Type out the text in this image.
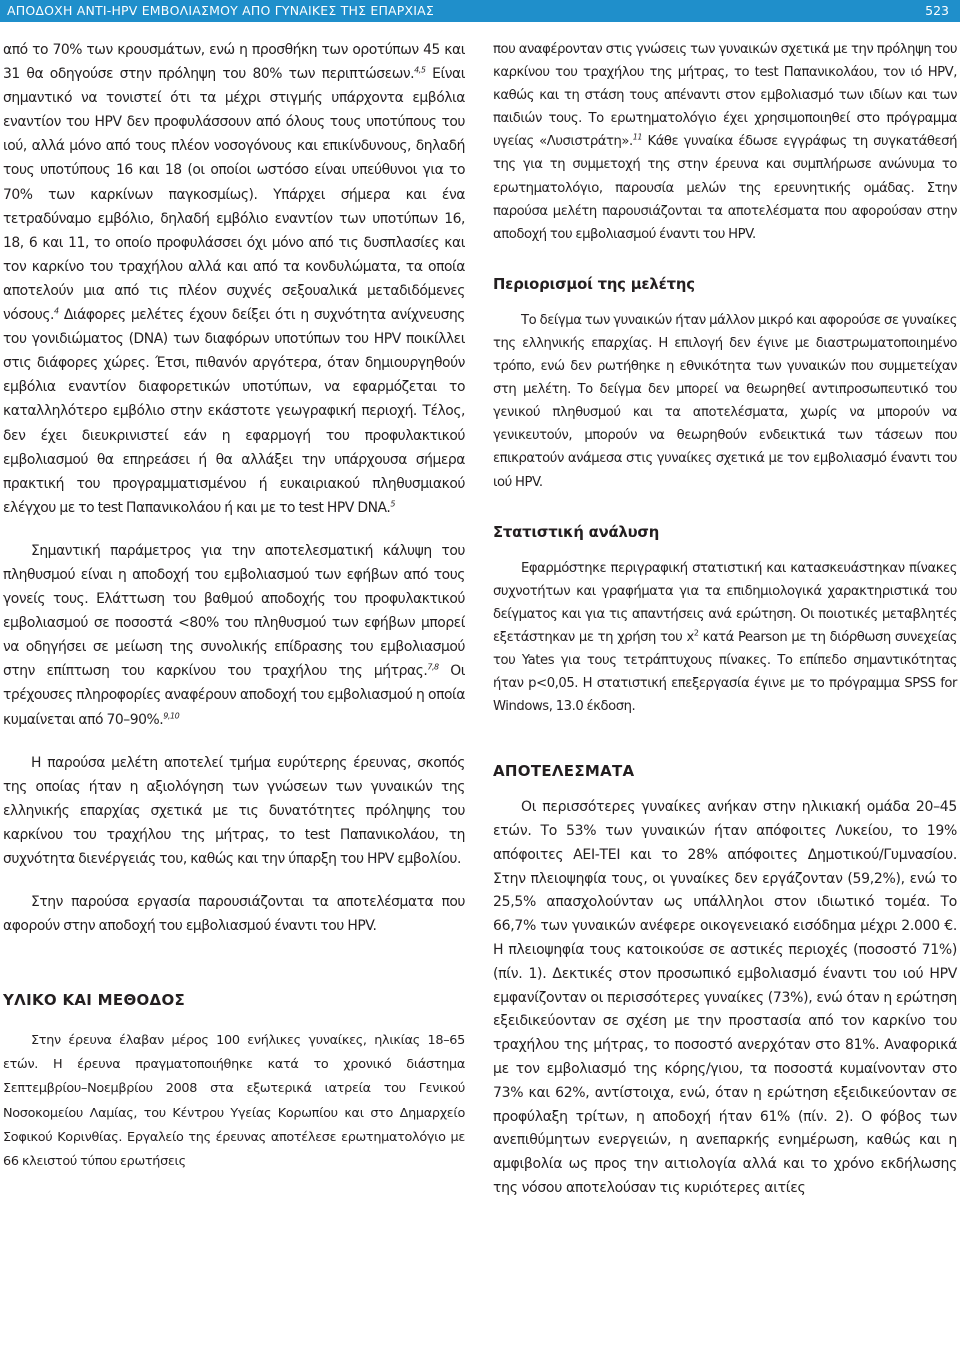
ΑΠΟΔΟΧΗ ΑΝΤΙ-HPV ΕΜΒΟΛΙΑΣΜΟΥ ΑΠΟ ΓΥΝΑΙΚΕΣ ΤΗΣ ΕΠΑΡΧΙΑΣ	523

από το 70% των κρουσμάτων, ενώ η προσθήκη των οροτύπων 45 και 31 θα οδηγούσε στην πρόληψη του 80% των περιπτώσεων.$^{4,5}$ Είναι σημαντικό να τονιστεί ότι τα μέχρι στιγμής υπάρχοντα εμβόλια εναντίον του HPV δεν προφυλάσσουν από όλους τους υποτύπους του ιού, αλλά μόνο από τους πλέον νοσογόνους και επικίνδυνους, δηλαδή τους υποτύπους 16 και 18 (οι οποίοι ωστόσο είναι υπεύθυνοι για το 70% των καρκίνων παγκοσμίως). Υπάρχει σήμερα και ένα τετραδύναμο εμβόλιο, δηλαδή εμβόλιο εναντίον των υποτύπων 16, 18, 6 και 11, το οποίο προφυλάσσει όχι μόνο από τις δυσπλασίες και τον καρκίνο του τραχήλου αλλά και από τα κονδυλώματα, τα οποία αποτελούν μια από τις πλέον συχνές σεξουαλικά μεταδιδόμενες νόσους.$^4$ Διάφορες μελέτες έχουν δείξει ότι η συχνότητα ανίχνευσης του γονιδιώματος (DNA) των διαφόρων υποτύπων του HPV ποικίλλει στις διάφορες χώρες. Έτσι, πιθανόν αργότερα, όταν δημιουργηθούν εμβόλια εναντίον διαφορετικών υποτύπων, να εφαρμόζεται το καταλληλότερο εμβόλιο στην εκάστοτε γεωγραφική περιοχή. Τέλος, δεν έχει διευκρινιστεί εάν η εφαρμογή του προφυλακτικού εμβολιασμού θα επηρεάσει ή θα αλλάξει την υπάρχουσα σήμερα πρακτική του προγραμματισμένου ή ευκαιριακού πληθυσμιακού ελέγχου με το test Παπανικολάου ή και με το test HPV DNA.$^5$

Σημαντική παράμετρος για την αποτελεσματική κάλυψη του πληθυσμού είναι η αποδοχή του εμβολιασμού των εφήβων από τους γονείς τους. Ελάττωση του βαθμού αποδοχής του προφυλακτικού εμβολιασμού σε ποσοστά <80% του πληθυσμού των εφήβων μπορεί να οδηγήσει σε μείωση της συνολικής επίδρασης του εμβολιασμού στην επίπτωση του καρκίνου του τραχήλου της μήτρας.$^{7,8}$ Οι τρέχουσες πληροφορίες αναφέρουν αποδοχή του εμβολιασμού η οποία κυμαίνεται από 70–90%.$^{9,10}$

Η παρούσα μελέτη αποτελεί τμήμα ευρύτερης έρευνας, σκοπός της οποίας ήταν η αξιολόγηση των γνώσεων των γυναικών της ελληνικής επαρχίας σχετικά με τις δυνατότητες πρόληψης του καρκίνου του τραχήλου της μήτρας, το test Παπανικολάου, τη συχνότητα διενέργειάς του, καθώς και την ύπαρξη του HPV εμβολίου.

Στην παρούσα εργασία παρουσιάζονται τα αποτελέσματα που αφορούν στην αποδοχή του εμβολιασμού έναντι του HPV.

ΥΛΙΚΟ ΚΑΙ ΜΕΘΟΔΟΣ

Στην έρευνα έλαβαν μέρος 100 ενήλικες γυναίκες, ηλικίας 18–65 ετών. Η έρευνα πραγματοποιήθηκε κατά το χρονικό διάστημα Σεπτεμβρίου–Νοεμβρίου 2008 στα εξωτερικά ιατρεία του Γενικού Νοσοκομείου Λαμίας, του Κέντρου Υγείας Κορωπίου και στο Δημαρχείο Σοφικού Κορινθίας. Εργαλείο της έρευνας αποτέλεσε ερωτηματολόγιο με 66 κλειστού τύπου ερωτήσεις

που αναφέρονταν στις γνώσεις των γυναικών σχετικά με την πρόληψη του καρκίνου του τραχήλου της μήτρας, το test Παπανικολάου, τον ιό HPV, καθώς και τη στάση τους απέναντι στον εμβολιασμό των ιδίων και των παιδιών τους. Το ερωτηματολόγιο έχει χρησιμοποιηθεί στο πρόγραμμα υγείας «Λυσιστράτη».$^{11}$ Κάθε γυναίκα έδωσε εγγράφως τη συγκατάθεσή της για τη συμμετοχή της στην έρευνα και συμπλήρωσε ανώνυμα το ερωτηματολόγιο, παρουσία μελών της ερευνητικής ομάδας. Στην παρούσα μελέτη παρουσιάζονται τα αποτελέσματα που αφορούσαν στην αποδοχή του εμβολιασμού έναντι του HPV.

Περιορισμοί της μελέτης

Το δείγμα των γυναικών ήταν μάλλον μικρό και αφορούσε σε γυναίκες της ελληνικής επαρχίας. Η επιλογή δεν έγινε με διαστρωματοποιημένο τρόπο, ενώ δεν ρωτήθηκε η εθνικότητα των γυναικών που συμμετείχαν στη μελέτη. Το δείγμα δεν μπορεί να θεωρηθεί αντιπροσωπευτικό του γενικού πληθυσμού και τα αποτελέσματα, χωρίς να μπορούν να γενικευτούν, μπορούν να θεωρηθούν ενδεικτικά των τάσεων που επικρατούν ανάμεσα στις γυναίκες σχετικά με τον εμβολιασμό έναντι του ιού HPV.

Στατιστική ανάλυση

Εφαρμόστηκε περιγραφική στατιστική και κατασκευάστηκαν πίνακες συχνοτήτων και γραφήματα για τα επιδημιολογικά χαρακτηριστικά του δείγματος και για τις απαντήσεις ανά ερώτηση. Οι ποιοτικές μεταβλητές εξετάστηκαν με τη χρήση του $x^2$ κατά Pearson με τη διόρθωση συνεχείας του Yates για τους τετράπτυχους πίνακες. Το επίπεδο σημαντικότητας ήταν p<0,05. Η στατιστική επεξεργασία έγινε με το πρόγραμμα SPSS for Windows, 13.0 έκδοση.

ΑΠΟΤΕΛΕΣΜΑΤΑ

Οι περισσότερες γυναίκες ανήκαν στην ηλικιακή ομάδα 20–45 ετών. Το 53% των γυναικών ήταν απόφοιτες Λυκείου, το 19% απόφοιτες ΑΕΙ-ΤΕΙ και το 28% απόφοιτες Δημοτικού/Γυμνασίου. Στην πλειοψηφία τους, οι γυναίκες δεν εργάζονταν (59,2%), ενώ το 25,5% απασχολούνταν ως υπάλληλοι στον ιδιωτικό τομέα. Το 66,7% των γυναικών ανέφερε οικογενειακό εισόδημα μέχρι 2.000 €. Η πλειοψηφία τους κατοικούσε σε αστικές περιοχές (ποσοστό 71%) (πίν. 1). Δεκτικές στον προσωπικό εμβολιασμό έναντι του ιού HPV εμφανίζονταν οι περισσότερες γυναίκες (73%), ενώ όταν η ερώτηση εξειδικεύονταν σε σχέση με την προστασία από τον καρκίνο του τραχήλου της μήτρας, το ποσοστό ανερχόταν στο 81%. Αναφορικά με τον εμβολιασμό της κόρης/γιου, τα ποσοστά κυμαίνονταν στο 73% και 62%, αντίστοιχα, ενώ, όταν η ερώτηση εξειδικεύονταν σε προφύλαξη τρίτων, η αποδοχή ήταν 61% (πίν. 2). Ο φόβος των ανεπιθύμητων ενεργειών, η ανεπαρκής ενημέρωση, καθώς και η αμφιβολία ως προς την αιτιολογία αλλά και το χρόνο εκδήλωσης της νόσου αποτελούσαν τις κυριότερες αιτίες
